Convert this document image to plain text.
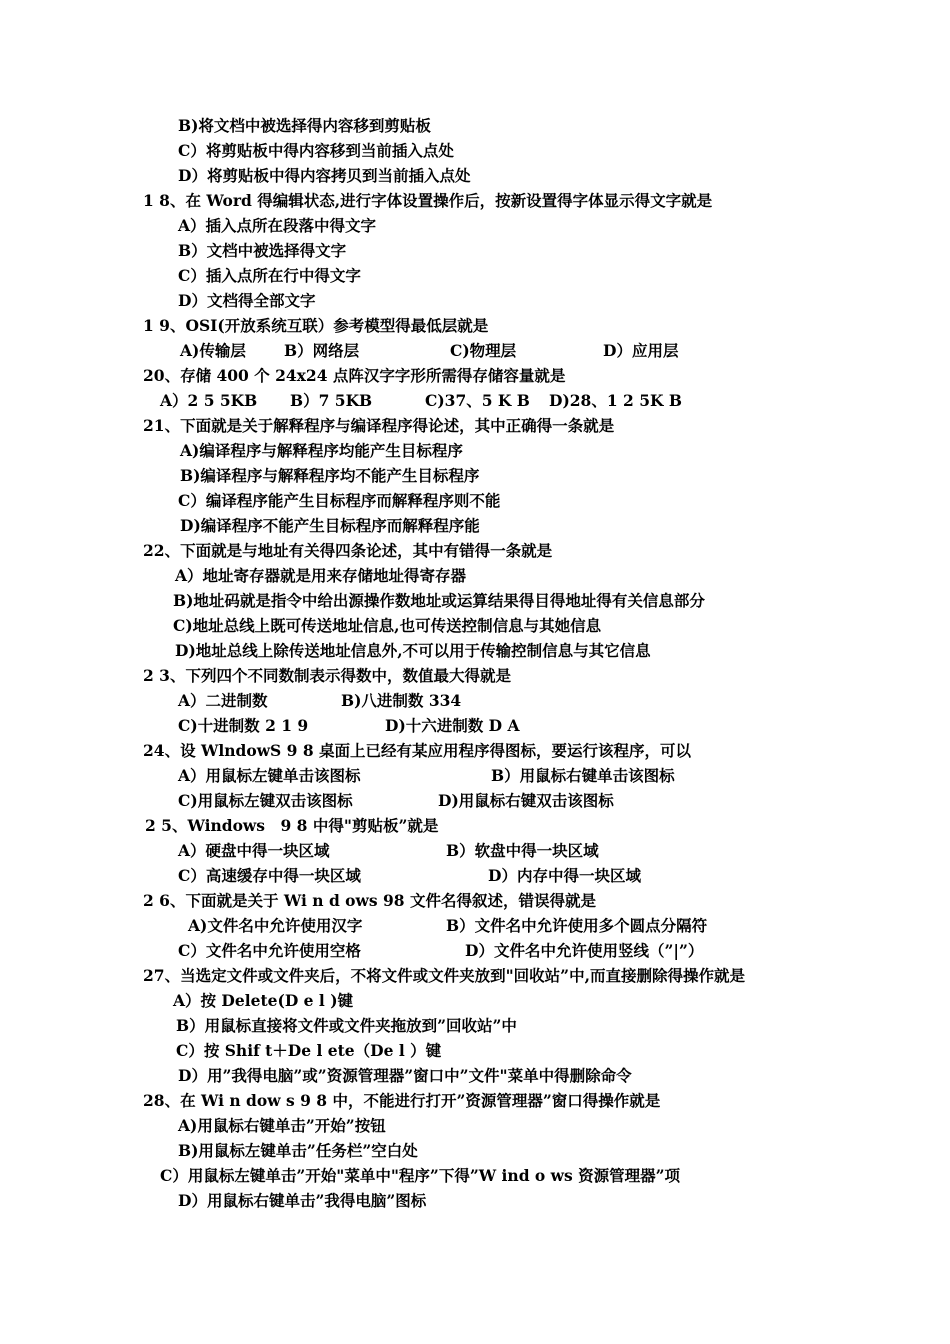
B)将文档中被选择得内容移到剪贴板
C）将剪贴板中得内容移到当前插入点处
D）将剪贴板中得内容拷贝到当前插入点处
1 8、在 Word 得编辑状态,进行字体设置操作后，按新设置得字体显示得文字就是
A）插入点所在段落中得文字
B）文档中被选择得文字
C）插入点所在行中得文字
D）文档得全部文字
1 9、OSI(开放系统互联）参考模型得最低层就是
A)传输层 B）网络层	C)物理层	D）应用层
20、存储 400 个 24x24 点阵汉字字形所需得存储容量就是
A）2 5 5KB B）7 5KB	C)37、5 K B D)28、1 2 5K B
21、下面就是关于解释程序与编译程序得论述，其中正确得一条就是
A)编译程序与解释程序均能产生目标程序
B)编译程序与解释程序均不能产生目标程序
C）编译程序能产生目标程序而解释程序则不能
D)编译程序不能产生目标程序而解释程序能
22、下面就是与地址有关得四条论述，其中有错得一条就是
A）地址寄存器就是用来存储地址得寄存器
B)地址码就是指令中给出源操作数地址或运算结果得目得地址得有关信息部分
C)地址总线上既可传送地址信息,也可传送控制信息与其她信息
D)地址总线上除传送地址信息外,不可以用于传输控制信息与其它信息
2 3、下列四个不同数制表示得数中，数值最大得就是
A）二进制数	B)八进制数 334
C)十进制数 2 1 9	D)十六进制数 D A
24、设 WlndowS 9 8 桌面上已经有某应用程序得图标，要运行该程序，可以
A）用鼠标左键单击该图标	B）用鼠标右键单击该图标
C)用鼠标左键双击该图标	D)用鼠标右键双击该图标
2 5、Windows　9 8 中得"剪贴板”就是
A）硬盘中得一块区域	B）软盘中得一块区域
C）高速缓存中得一块区域	D）内存中得一块区域
2 6、下面就是关于 Wi n d ows 98 文件名得叙述，错误得就是
A)文件名中允许使用汉字	B）文件名中允许使用多个圆点分隔符
C）文件名中允许使用空格	D）文件名中允许使用竖线（”|”）
27、当选定文件或文件夹后，不将文件或文件夹放到"回收站”中,而直接删除得操作就是
A）按 Delete(D e l )键
B）用鼠标直接将文件或文件夹拖放到”回收站”中
C）按 Shif t＋De l ete（De l ）键
D）用”我得电脑”或”资源管理器”窗口中”文件"菜单中得删除命令
28、在 Wi n dow s 9 8 中，不能进行打开”资源管理器”窗口得操作就是
A)用鼠标右键单击”开始”按钮
B)用鼠标左键单击”任务栏”空白处
C）用鼠标左键单击”开始"菜单中"程序”下得”W ind o ws 资源管理器”项
D）用鼠标右键单击”我得电脑”图标
